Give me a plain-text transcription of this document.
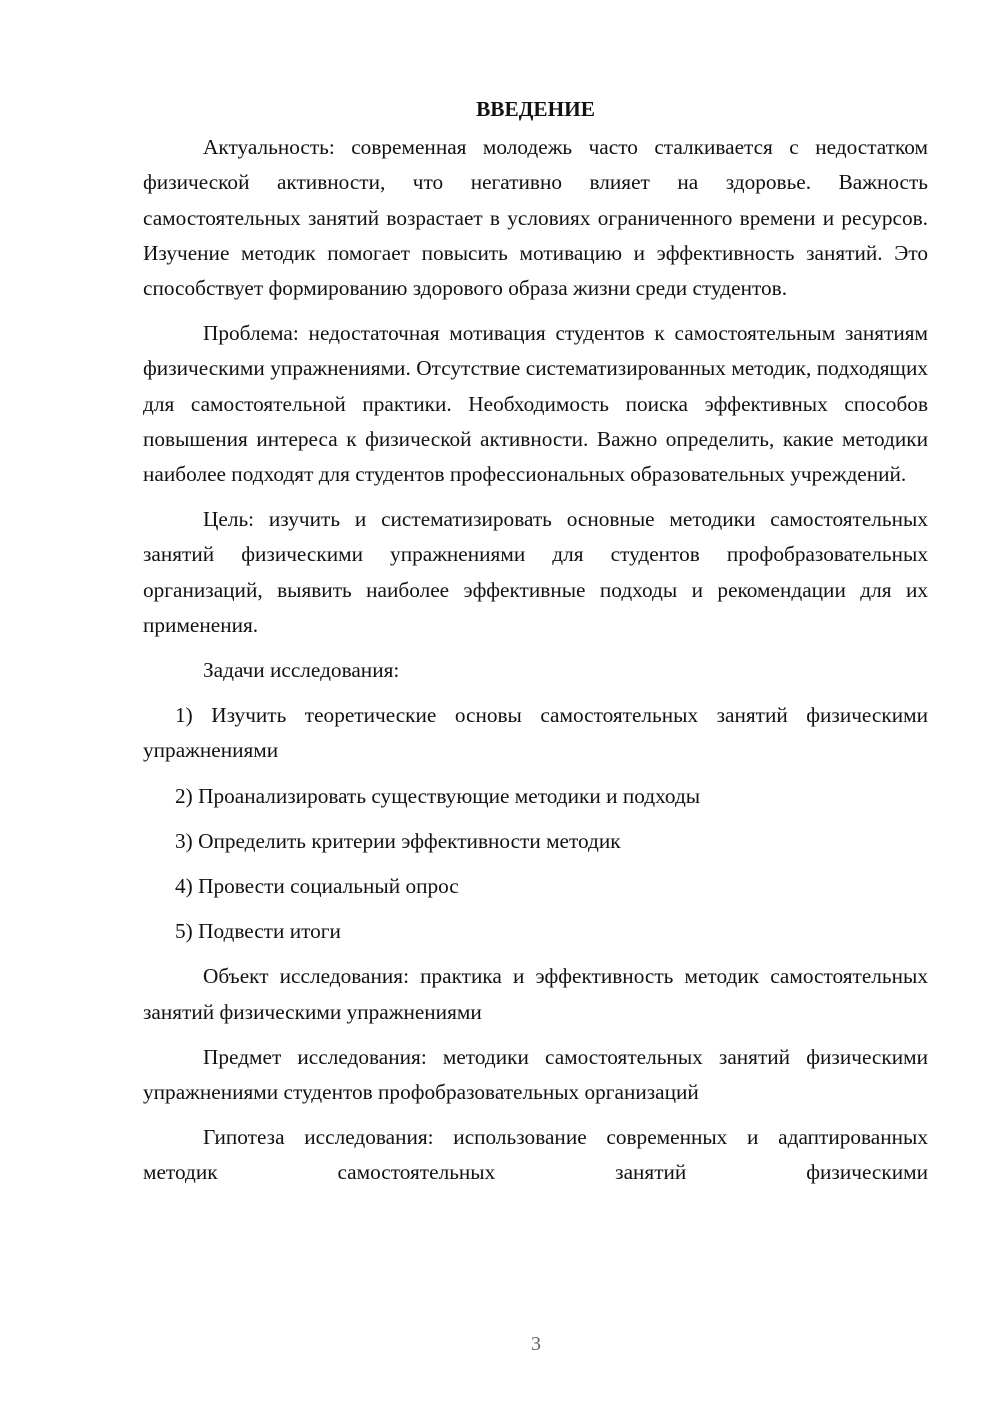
ВВЕДЕНИЕ
Актуальность: современная молодежь часто сталкивается с недостатком физической активности, что негативно влияет на здоровье. Важность самостоятельных занятий возрастает в условиях ограниченного времени и ресурсов. Изучение методик помогает повысить мотивацию и эффективность занятий. Это способствует формированию здорового образа жизни среди студентов.
Проблема: недостаточная мотивация студентов к самостоятельным занятиям физическими упражнениями. Отсутствие систематизированных методик, подходящих для самостоятельной практики. Необходимость поиска эффективных способов повышения интереса к физической активности. Важно определить, какие методики наиболее подходят для студентов профессиональных образовательных учреждений.
Цель: изучить и систематизировать основные методики самостоятельных занятий физическими упражнениями для студентов профобразовательных организаций, выявить наиболее эффективные подходы и рекомендации для их применения.
Задачи исследования:
1) Изучить теоретические основы самостоятельных занятий физическими упражнениями
2) Проанализировать существующие методики и подходы
3) Определить критерии эффективности методик
4) Провести социальный опрос
5) Подвести итоги
Объект исследования: практика и эффективность методик самостоятельных занятий физическими упражнениями
Предмет исследования: методики самостоятельных занятий физическими упражнениями студентов профобразовательных организаций
Гипотеза исследования: использование современных и адаптированных методик самостоятельных занятий физическими
3
